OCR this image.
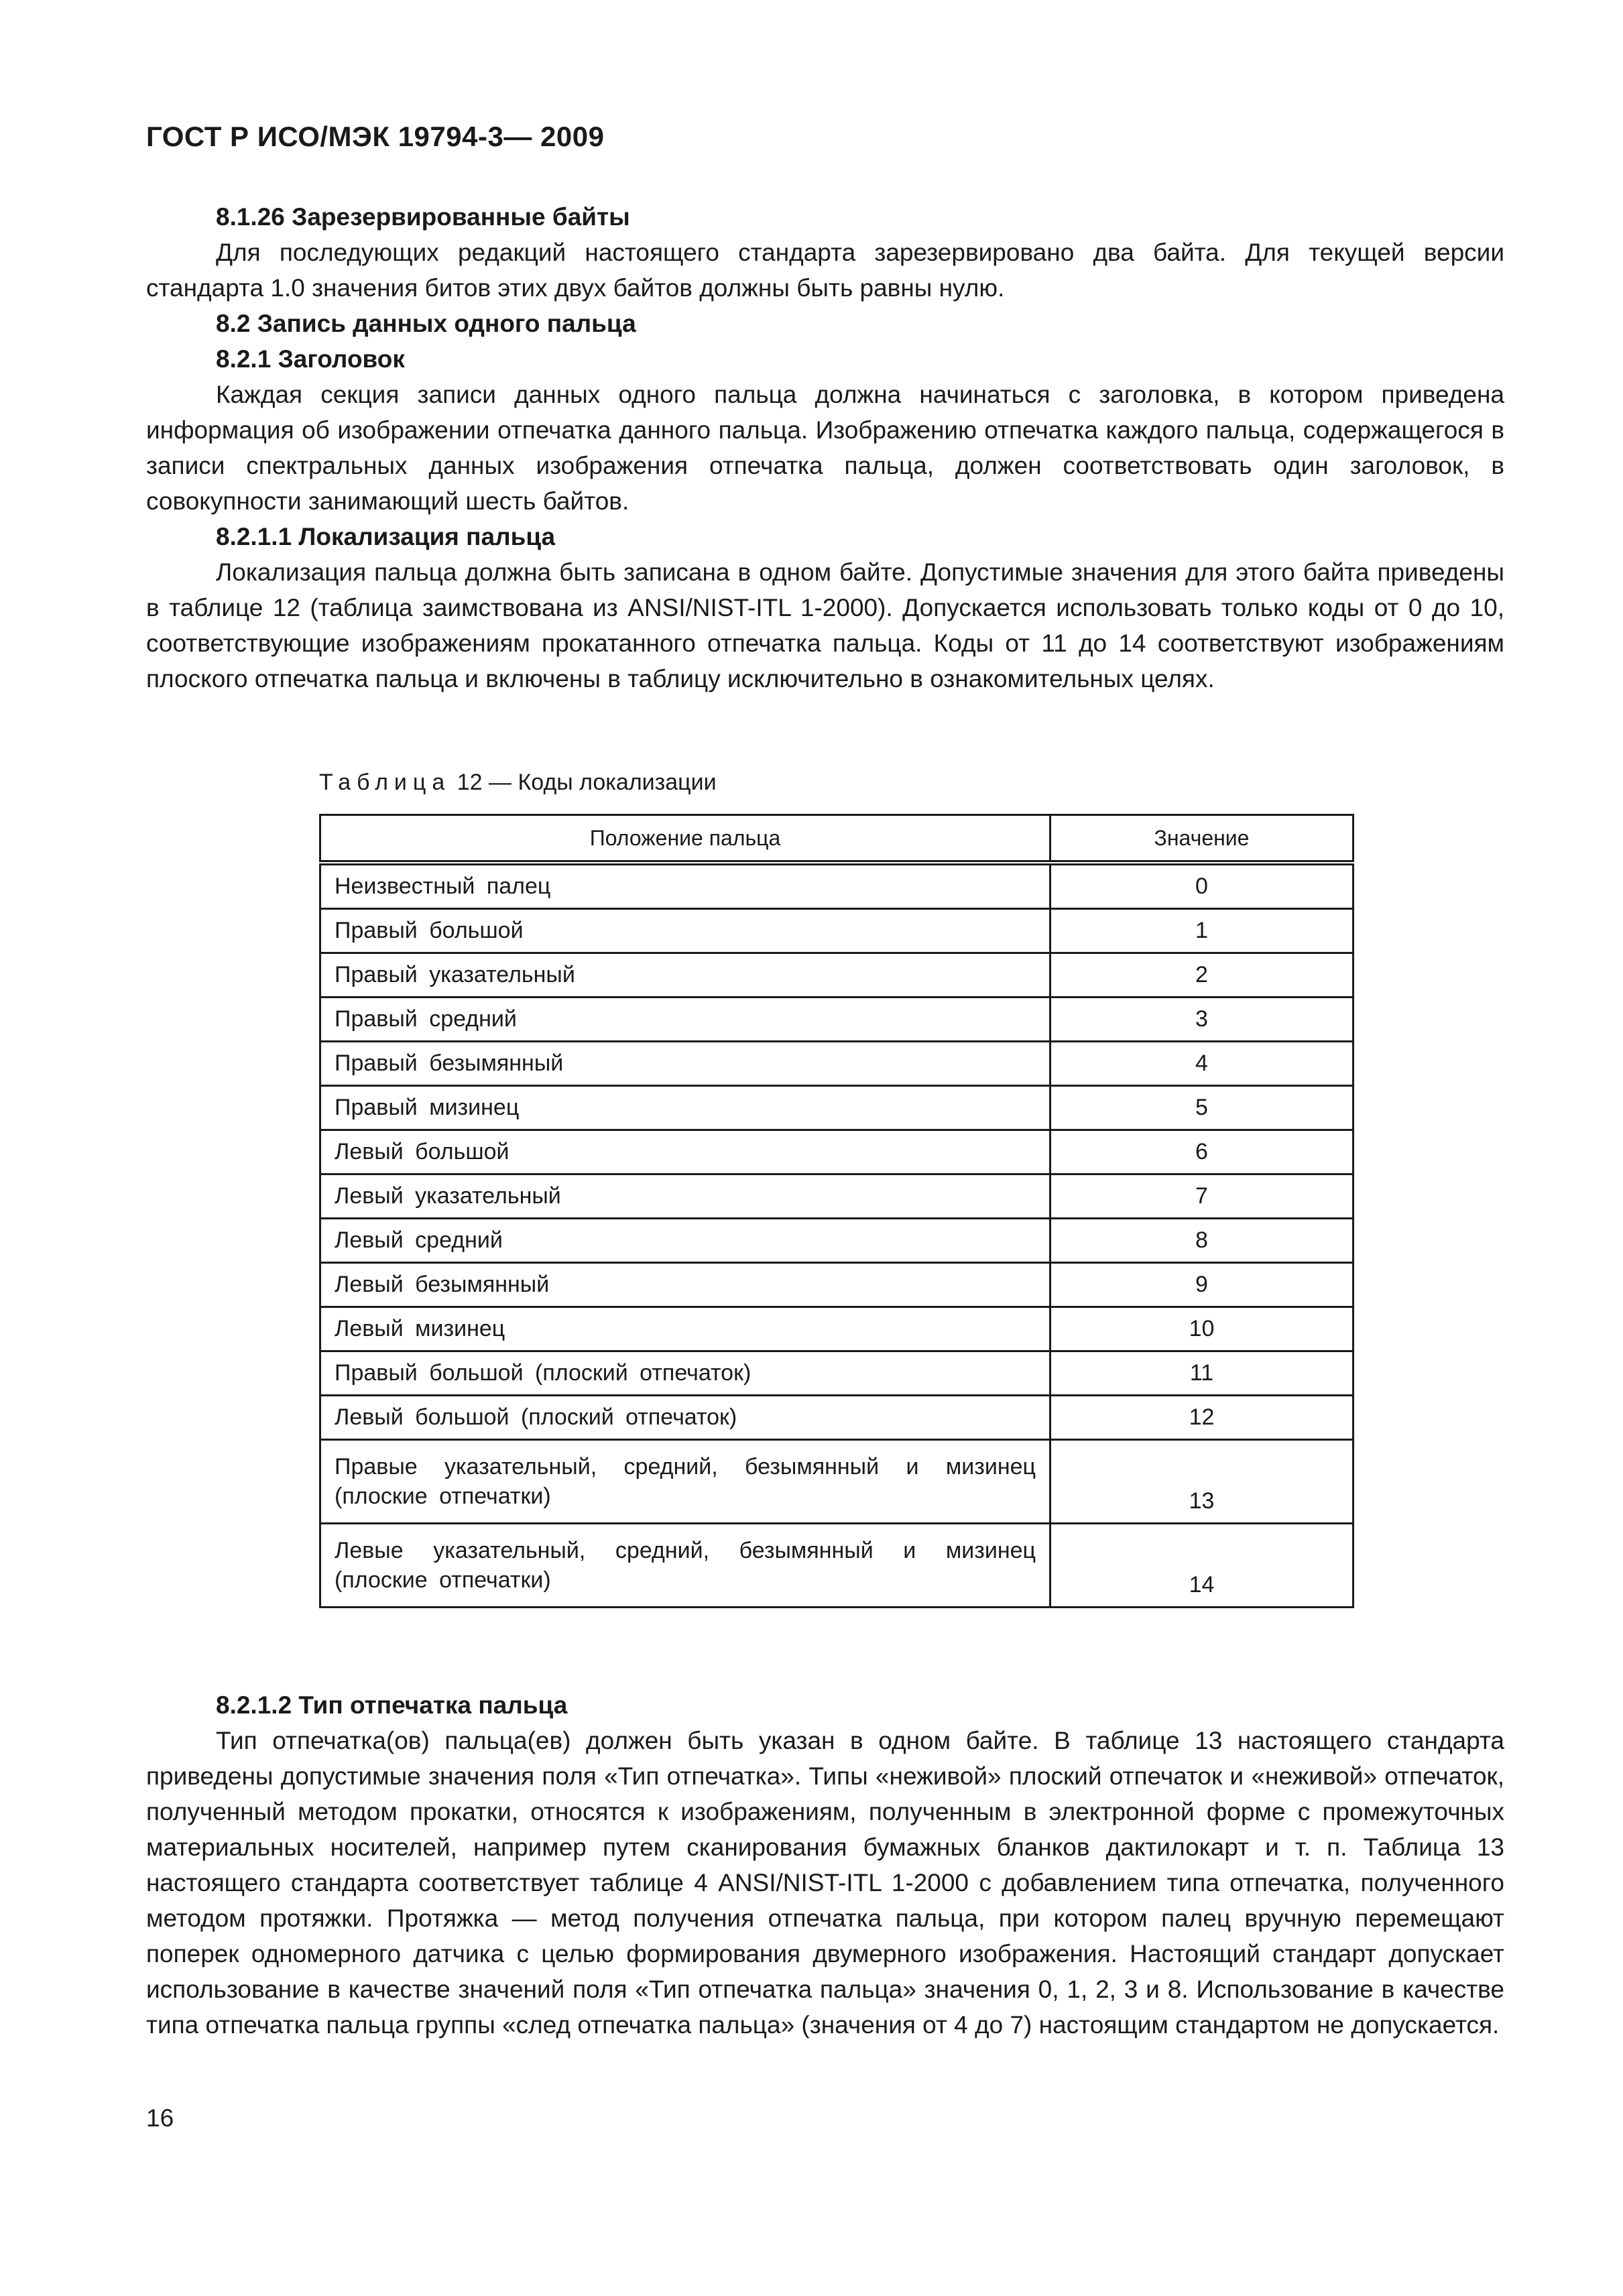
ГОСТ Р ИСО/МЭК 19794-3— 2009

8.1.26 Зарезервированные байты

Для последующих редакций настоящего стандарта зарезервировано два байта. Для текущей версии стандарта 1.0 значения битов этих двух байтов должны быть равны нулю.

8.2 Запись данных одного пальца

8.2.1 Заголовок

Каждая секция записи данных одного пальца должна начинаться с заголовка, в котором приведена информация об изображении отпечатка данного пальца. Изображению отпечатка каждого пальца, содержащегося в записи спектральных данных изображения отпечатка пальца, должен соответствовать один заголовок, в совокупности занимающий шесть байтов.

8.2.1.1 Локализация пальца

Локализация пальца должна быть записана в одном байте. Допустимые значения для этого байта приведены в таблице 12 (таблица заимствована из ANSI/NIST-ITL 1-2000). Допускается использовать только коды от 0 до 10, соответствующие изображениям прокатанного отпечатка пальца. Коды от 11 до 14 соответствуют изображениям плоского отпечатка пальца и включены в таблицу исключительно в ознакомительных целях.

Таблица 12 — Коды локализации
Положение пальца	Значение
Неизвестный палец	0
Правый большой	1
Правый указательный	2
Правый средний	3
Правый безымянный	4
Правый мизинец	5
Левый большой	6
Левый указательный	7
Левый средний	8
Левый безымянный	9
Левый мизинец	10
Правый большой (плоский отпечаток)	11
Левый большой (плоский отпечаток)	12
Правые указательный, средний, безымянный и мизинец (плоские отпечатки)	13
Левые указательный, средний, безымянный и мизинец (плоские отпечатки)	14

8.2.1.2 Тип отпечатка пальца

Тип отпечатка(ов) пальца(ев) должен быть указан в одном байте. В таблице 13 настоящего стандарта приведены допустимые значения поля «Тип отпечатка». Типы «неживой» плоский отпечаток и «неживой» отпечаток, полученный методом прокатки, относятся к изображениям, полученным в электронной форме с промежуточных материальных носителей, например путем сканирования бумажных бланков дактилокарт и т. п. Таблица 13 настоящего стандарта соответствует таблице 4 ANSI/NIST-ITL 1-2000 с добавлением типа отпечатка, полученного методом протяжки. Протяжка — метод получения отпечатка пальца, при котором палец вручную перемещают поперек одномерного датчика с целью формирования двумерного изображения. Настоящий стандарт допускает использование в качестве значений поля «Тип отпечатка пальца» значения 0, 1, 2, 3 и 8. Использование в качестве типа отпечатка пальца группы «след отпечатка пальца» (значения от 4 до 7) настоящим стандартом не допускается.

16
